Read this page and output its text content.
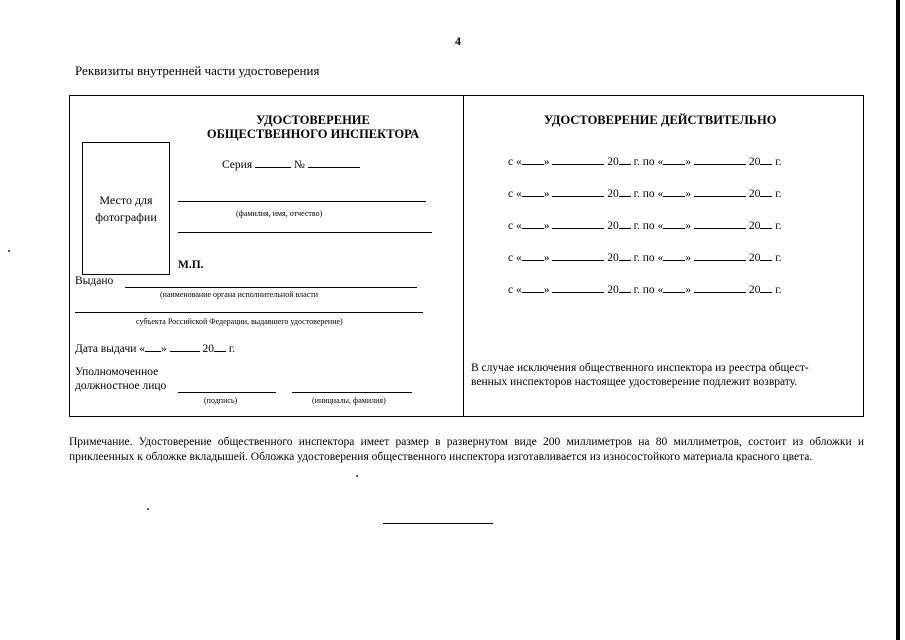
4
Реквизиты внутренней части удостоверения
УДОСТОВЕРЕНИЕ
ОБЩЕСТВЕННОГО ИНСПЕКТОРА
Место для
фотографии
Серия	№
(фамилия, имя, отчество)
М.П.
Выдано
(наименование органа исполнительной власти
субъекта Российской Федерации, выдавшего удостоверение)
Дата выдачи « »	20 г.
Уполномоченное
должностное лицо
(подпись)	(инициалы, фамилия)
УДОСТОВЕРЕНИЕ ДЕЙСТВИТЕЛЬНО
с « »	20 г. по « »	20 г.
с « »	20 г. по « »	20 г.
с « »	20 г. по « »	20 г.
с « »	20 г. по « »	20 г.
с « »	20 г. по « »	20 г.
В случае исключения общественного инспектора из реестра общест-
венных инспекторов настоящее удостоверение подлежит возврату.
Примечание. Удостоверение общественного инспектора имеет размер в развернутом виде 200 миллиметров на 80 миллиметров, состоит из обложки и приклеенных к обложке вкладышей. Обложка удостоверения общественного инспектора изготавливается из износостойкого материала красного цвета.
